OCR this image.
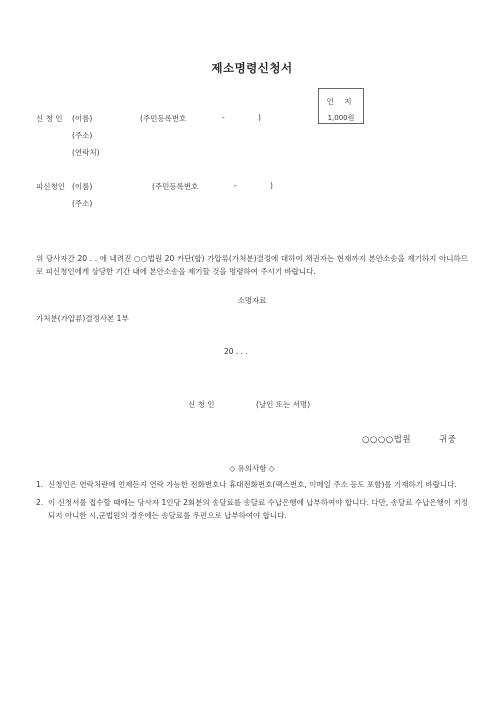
제소명령신청서
인 지
1,000원
신 청 인 (이름)	(주민등록번호	-	)
(주소)
(연락처)
피신청인 (이름)	(주민등록번호	-	)
(주소)
위 당사자간 20 . . 에 내려진 ○○법원 20 카단(합) 가압류(가처분)결정에 대하여 채권자는 현재까지 본안소송을 제기하지 아니하므로 피신청인에게 상당한 기간 내에 본안소송을 제기할 것을 명령하여 주시기 바랍니다.
소명자료
가처분(가압류)결정사본 1부
20 . . .
신 청 인	(날인 또는 서명)
○○○○법원	귀중
◇ 유의사항 ◇
1. 신청인은 연락처란에 언제든지 연락 가능한 전화번호나 휴대전화번호(팩스번호, 이메일 주소 등도 포함)를 기재하기 바랍니다.
2. 이 신청서를 접수할 때에는 당사자 1인당 2회분의 송달료를 송달료 수납은행에 납부하여야 합니다. 다만, 송달료 수납은행이 지정되지 아니한 시,군법원의 경우에는 송달료를 우편으로 납부하여야 합니다.
